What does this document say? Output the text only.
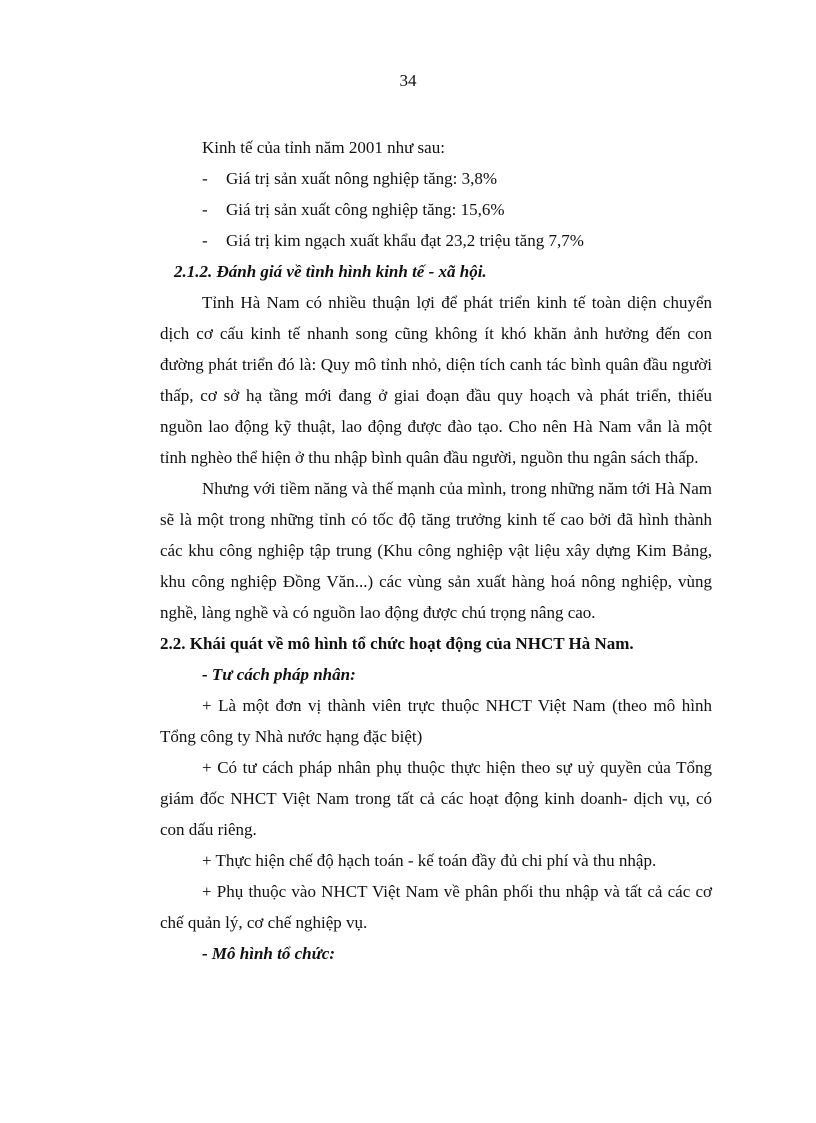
34

Kinh tế của tỉnh năm 2001 như sau:

- Giá trị sản xuất nông nghiệp tăng: 3,8%

- Giá trị sản xuất công nghiệp tăng: 15,6%

- Giá trị kim ngạch xuất khẩu đạt 23,2 triệu tăng 7,7%

2.1.2. Đánh giá về tình hình kinh tế - xã hội.

Tỉnh Hà Nam có nhiều thuận lợi để phát triển kinh tế toàn diện chuyển dịch cơ cấu kinh tế nhanh song cũng không ít khó khăn ảnh hưởng đến con đường phát triển đó là: Quy mô tỉnh nhỏ, diện tích canh tác bình quân đầu người thấp, cơ sở hạ tầng mới đang ở giai đoạn đầu quy hoạch và phát triển, thiếu nguồn lao động kỹ thuật, lao động được đào tạo. Cho nên Hà Nam vẫn là một tỉnh nghèo thể hiện ở thu nhập bình quân đầu người, nguồn thu ngân sách thấp.

Nhưng với tiềm năng và thế mạnh của mình, trong những năm tới Hà Nam sẽ là một trong những tỉnh có tốc độ tăng trưởng kinh tế cao bởi đã hình thành các khu công nghiệp tập trung (Khu công nghiệp vật liệu xây dựng Kim Bảng, khu công nghiệp Đồng Văn...) các vùng sản xuất hàng hoá nông nghiệp, vùng nghề, làng nghề và có nguồn lao động được chú trọng nâng cao.

2.2. Khái quát về mô hình tổ chức hoạt động của NHCT Hà Nam.

- Tư cách pháp nhân:

+ Là một đơn vị thành viên trực thuộc NHCT Việt Nam (theo mô hình Tổng công ty Nhà nước hạng đặc biệt)

+ Có tư cách pháp nhân phụ thuộc thực hiện theo sự uỷ quyền của Tổng giám đốc NHCT Việt Nam trong tất cả các hoạt động kinh doanh- dịch vụ, có con dấu riêng.

+ Thực hiện chế độ hạch toán - kế toán đầy đủ chi phí và thu nhập.

+ Phụ thuộc vào NHCT Việt Nam về phân phối thu nhập và tất cả các cơ chế quản lý, cơ chế nghiệp vụ.

- Mô hình tổ chức:
